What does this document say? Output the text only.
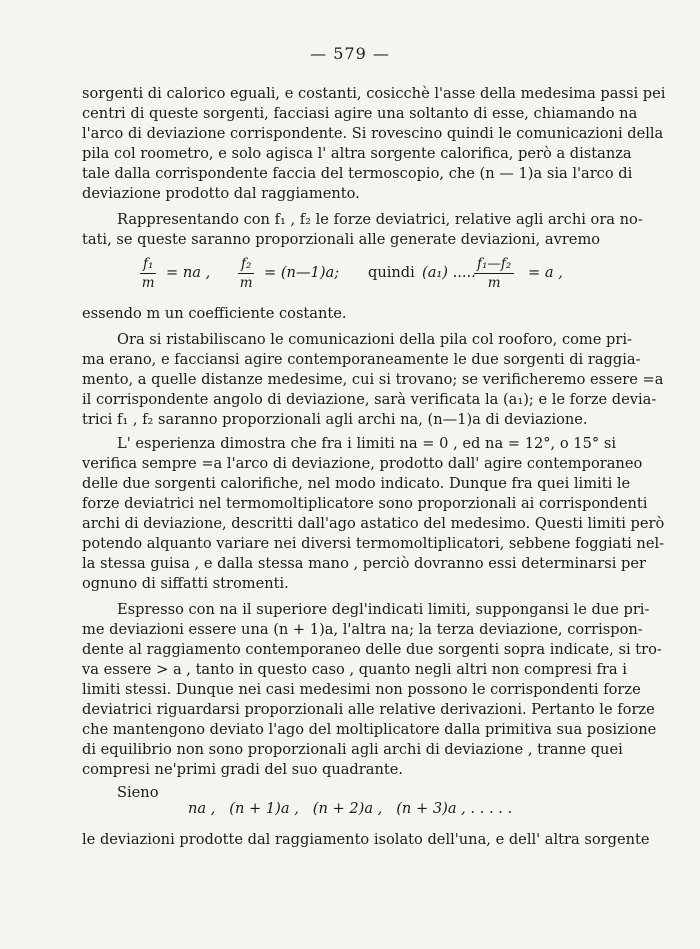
— 579 —
sorgenti di calorico eguali, e costanti, cosicchè l'asse della medesima passi pei
centri di queste sorgenti, facciasi agire una soltanto di esse, chiamando na
l'arco di deviazione corrispondente. Si rovescino quindi le comunicazioni della
pila col roometro, e solo agisca l' altra sorgente calorifica, però a distanza
tale dalla corrispondente faccia del termoscopio, che (n — 1)a sia l'arco di
deviazione prodotto dal raggiamento.
Rappresentando con f₁ , f₂ le forze deviatrici, relative agli archi ora no-
tati, se queste saranno proporzionali alle generate deviazioni, avremo
$\frac{\text{f₁}}{m}$ = na , $\frac{\text{f₂}}{m}$ = (n—1)a; quindi (a₁) .....
$\frac{\text{f₁—f₂}}{m} = a$ ,
essendo m un coefficiente costante.
Ora si ristabiliscano le comunicazioni della pila col rooforo, come pri-
ma erano, e facciansi agire contemporaneamente le due sorgenti di raggia-
mento, a quelle distanze medesime, cui si trovano; se verificheremo essere =a
il corrispondente angolo di deviazione, sarà verificata la (a₁); e le forze devia-
trici f₁ , f₂ saranno proporzionali agli archi na, (n—1)a di deviazione.
L' esperienza dimostra che fra i limiti na = 0 , ed na = 12°, o 15° si
verifica sempre =a l'arco di deviazione, prodotto dall' agire contemporaneo
delle due sorgenti calorifiche, nel modo indicato. Dunque fra quei limiti le
forze deviatrici nel termomoltiplicatore sono proporzionali ai corrispondenti
archi di deviazione, descritti dall'ago astatico del medesimo. Questi limiti però
potendo alquanto variare nei diversi termomoltiplicatori, sebbene foggiati nel-
la stessa guisa , e dalla stessa mano , perciò dovranno essi determinarsi per
ognuno di siffatti stromenti.
Espresso con na il superiore degl'indicati limiti, suppongansi le due pri-
me deviazioni essere una (n + 1)a, l'altra na; la terza deviazione, corrispon-
dente al raggiamento contemporaneo delle due sorgenti sopra indicate, si tro-
va essere > a , tanto in questo caso , quanto negli altri non compresi fra i
limiti stessi. Dunque nei casi medesimi non possono le corrispondenti forze
deviatrici riguardarsi proporzionali alle relative derivazioni. Pertanto le forze
che mantengono deviato l'ago del moltiplicatore dalla primitiva sua posizione
di equilibrio non sono proporzionali agli archi di deviazione , tranne quei
compresi ne'primi gradi del suo quadrante.
Sieno
na ,   (n + 1)a ,   (n + 2)a ,   (n + 3)a , . . . . .
le deviazioni prodotte dal raggiamento isolato dell'una, e dell' altra sorgente
